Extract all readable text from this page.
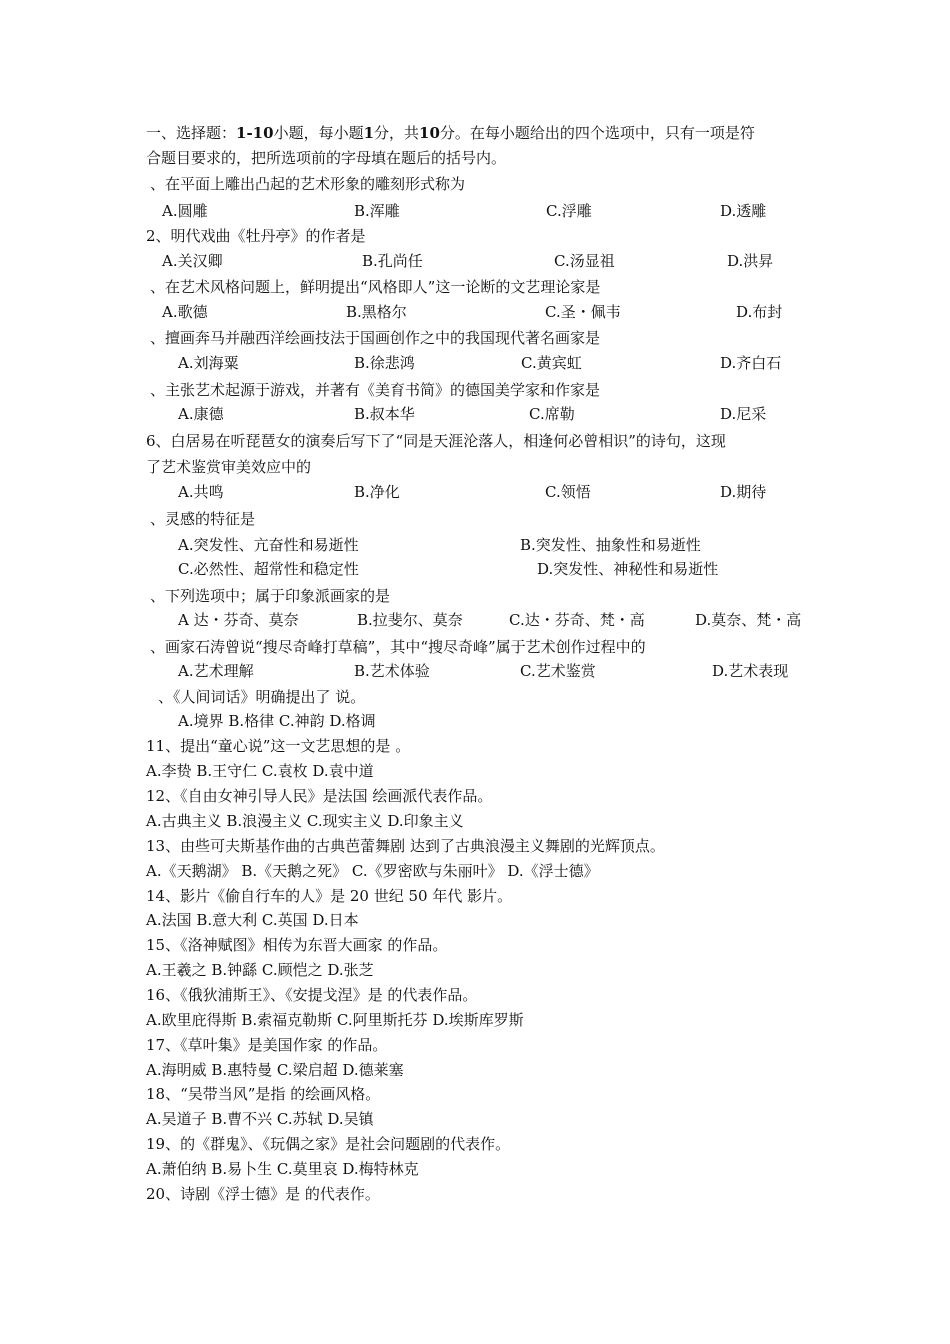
一、选择题：1-10小题，每小题1分，共10分。在每小题给出的四个选项中，只有一项是符
合题目要求的，把所选项前的字母填在题后的括号内。
、在平面上雕出凸起的艺术形象的雕刻形式称为
A.圆雕	B.浑雕	C.浮雕	D.透雕
2、明代戏曲《牡丹亭》的作者是
A.关汉卿	B.孔尚任	C.汤显祖	D.洪昇
、在艺术风格问题上，鲜明提出“风格即人”这一论断的文艺理论家是
A.歌德	B.黑格尔	C.圣・佩韦	D.布封
、擅画奔马并融西洋绘画技法于国画创作之中的我国现代著名画家是
A.刘海粟	B.徐悲鸿	C.黄宾虹	D.齐白石
、主张艺术起源于游戏，并著有《美育书简》的德国美学家和作家是
A.康德	B.叔本华	C.席勒	D.尼采
6、白居易在听琵琶女的演奏后写下了“同是天涯沦落人，相逢何必曾相识”的诗句，这现
了艺术鉴赏审美效应中的
A.共鸣	B.净化	C.领悟	D.期待
、灵感的特征是
A.突发性、亢奋性和易逝性	B.突发性、抽象性和易逝性
C.必然性、超常性和稳定性	D.突发性、神秘性和易逝性
、下列选项中；属于印象派画家的是
A 达・芬奇、莫奈	B.拉斐尔、莫奈	C.达・芬奇、梵・高	D.莫奈、梵・高
、画家石涛曾说“搜尽奇峰打草稿”，其中“搜尽奇峰”属于艺术创作过程中的
A.艺术理解	B.艺术体验	C.艺术鉴赏	D.艺术表现
、《人间词话》明确提出了 说。
A.境界 B.格律 C.神韵 D.格调
11、提出“童心说”这一文艺思想的是 。
A.李贽 B.王守仁 C.袁枚 D.袁中道
12、《自由女神引导人民》是法国 绘画派代表作品。
A.古典主义 B.浪漫主义 C.现实主义 D.印象主义
13、由些可夫斯基作曲的古典芭蕾舞剧 达到了古典浪漫主义舞剧的光辉顶点。
A.《天鹅湖》 B.《天鹅之死》 C.《罗密欧与朱丽叶》 D.《浮士德》
14、影片《偷自行车的人》是 20 世纪 50 年代 影片。
A.法国 B.意大利 C.英国 D.日本
15、《洛神赋图》相传为东晋大画家 的作品。
A.王羲之 B.钟繇 C.顾恺之 D.张芝
16、《俄狄浦斯王》、《安提戈涅》是 的代表作品。
A.欧里庇得斯 B.索福克勒斯 C.阿里斯托芬 D.埃斯库罗斯
17、《草叶集》是美国作家 的作品。
A.海明威 B.惠特曼 C.梁启超 D.德莱塞
18、“吴带当风”是指 的绘画风格。
A.吴道子 B.曹不兴 C.苏轼 D.吴镇
19、的《群鬼》、《玩偶之家》是社会问题剧的代表作。
A.萧伯纳 B.易卜生 C.莫里哀 D.梅特林克
20、诗剧《浮士德》是 的代表作。
